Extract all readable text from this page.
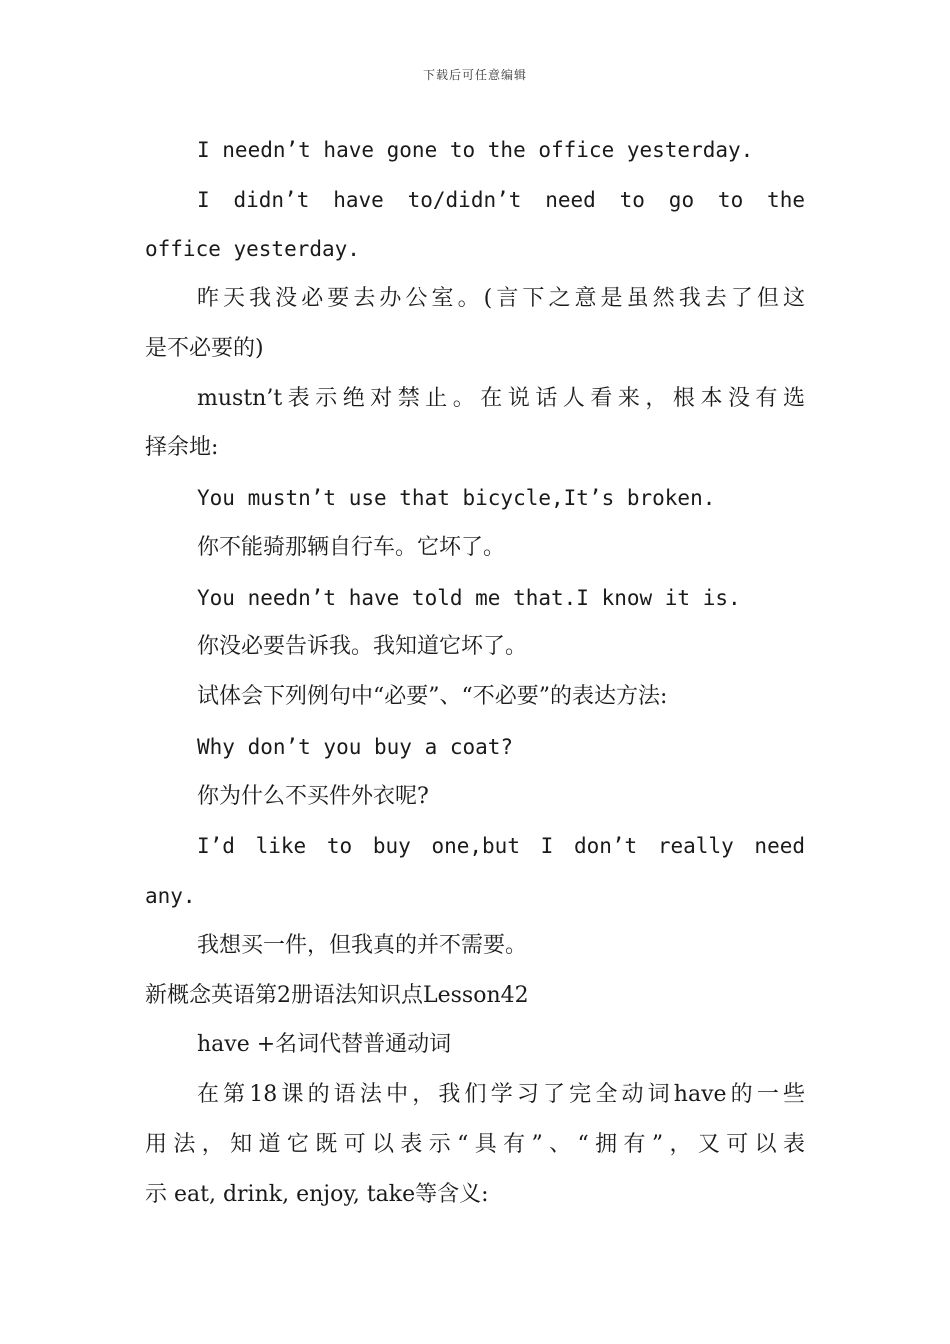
下载后可任意编辑
I needn’t have gone to the office yesterday.
I didn’t have to/didn’t need to go to the
office yesterday.
昨天我没必要去办公室。(言下之意是虽然我去了但这
是不必要的)
mustn’t表示绝对禁止。在说话人看来，根本没有选
择余地:
You mustn’t use that bicycle,It’s broken.
你不能骑那辆自行车。它坏了。
You needn’t have told me that.I know it is.
你没必要告诉我。我知道它坏了。
试体会下列例句中“必要”、“不必要”的表达方法:
Why don’t you buy a coat?
你为什么不买件外衣呢?
I’d like to buy one,but I don’t really need
any.
我想买一件，但我真的并不需要。
新概念英语第2册语法知识点Lesson42
have +名词代替普通动词
在第18课的语法中，我们学习了完全动词have的一些
用法，知道它既可以表示“具有”、“拥有”，又可以表
示 eat, drink, enjoy, take等含义:
